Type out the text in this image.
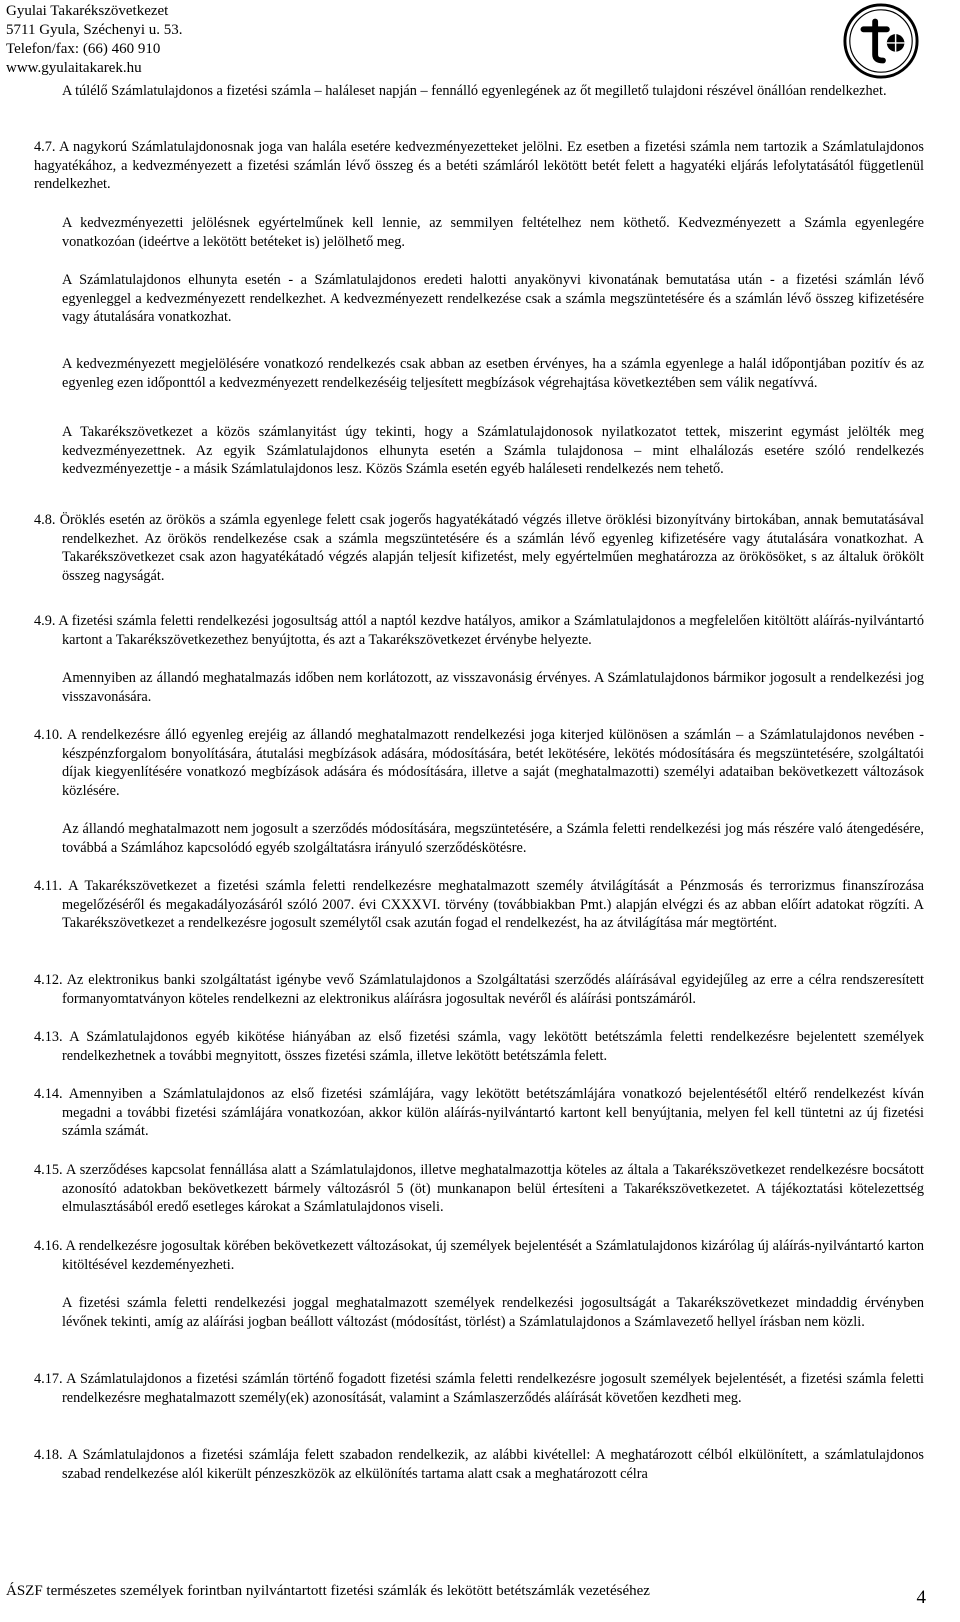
Gyulai Takarékszövetkezet
5711 Gyula, Széchenyi u. 53.
Telefon/fax: (66) 460 910
www.gyulaitakarek.hu
A túlélő Számlatulajdonos a fizetési számla – haláleset napján – fennálló egyenlegének az őt megillető tulajdoni részével önállóan rendelkezhet.
4.7. A nagykorú Számlatulajdonosnak joga van halála esetére kedvezményezetteket jelölni. Ez esetben a fizetési számla nem tartozik a Számlatulajdonos hagyatékához, a kedvezményezett a fizetési számlán lévő összeg és a betéti számláról lekötött betét felett a hagyatéki eljárás lefolytatásától függetlenül rendelkezhet.
A kedvezményezetti jelölésnek egyértelműnek kell lennie, az semmilyen feltételhez nem köthető. Kedvezményezett a Számla egyenlegére vonatkozóan (ideértve a lekötött betéteket is) jelölhető meg.
A Számlatulajdonos elhunyta esetén - a Számlatulajdonos eredeti halotti anyakönyvi kivonatának bemutatása után - a fizetési számlán lévő egyenleggel a kedvezményezett rendelkezhet. A kedvezményezett rendelkezése csak a számla megszüntetésére és a számlán lévő összeg kifizetésére vagy átutalására vonatkozhat.
A kedvezményezett megjelölésére vonatkozó rendelkezés csak abban az esetben érvényes, ha a számla egyenlege a halál időpontjában pozitív és az egyenleg ezen időponttól a kedvezményezett rendelkezéséig teljesített megbízások végrehajtása következtében sem válik negatívvá.
A Takarékszövetkezet a közös számlanyitást úgy tekinti, hogy a Számlatulajdonosok nyilatkozatot tettek, miszerint egymást jelölték meg kedvezményezettnek. Az egyik Számlatulajdonos elhunyta esetén a Számla tulajdonosa – mint elhalálozás esetére szóló rendelkezés kedvezményezettje - a másik Számlatulajdonos lesz. Közös Számla esetén egyéb haláleseti rendelkezés nem tehető.
4.8. Öröklés esetén az örökös a számla egyenlege felett csak jogerős hagyatékátadó végzés illetve öröklési bizonyítvány birtokában, annak bemutatásával rendelkezhet. Az örökös rendelkezése csak a számla megszüntetésére és a számlán lévő egyenleg kifizetésére vagy átutalására vonatkozhat. A Takarékszövetkezet csak azon hagyatékátadó végzés alapján teljesít kifizetést, mely egyértelműen meghatározza az örökösöket, s az általuk örökölt összeg nagyságát.
4.9. A fizetési számla feletti rendelkezési jogosultság attól a naptól kezdve hatályos, amikor a Számlatulajdonos a megfelelően kitöltött aláírás-nyilvántartó kartont a Takarékszövetkezethez benyújtotta, és azt a Takarékszövetkezet érvénybe helyezte.
Amennyiben az állandó meghatalmazás időben nem korlátozott, az visszavonásig érvényes. A Számlatulajdonos bármikor jogosult a rendelkezési jog visszavonására.
4.10. A rendelkezésre álló egyenleg erejéig az állandó meghatalmazott rendelkezési joga kiterjed különösen a számlán – a Számlatulajdonos nevében - készpénzforgalom bonyolítására, átutalási megbízások adására, módosítására, betét lekötésére, lekötés módosítására és megszüntetésére, szolgáltatói díjak kiegyenlítésére vonatkozó megbízások adására és módosítására, illetve a saját (meghatalmazotti) személyi adataiban bekövetkezett változások közlésére.
Az állandó meghatalmazott nem jogosult a szerződés módosítására, megszüntetésére, a Számla feletti rendelkezési jog más részére való átengedésére, továbbá a Számlához kapcsolódó egyéb szolgáltatásra irányuló szerződéskötésre.
4.11. A Takarékszövetkezet a fizetési számla feletti rendelkezésre meghatalmazott személy átvilágítását a Pénzmosás és terrorizmus finanszírozása megelőzéséről és megakadályozásáról szóló 2007. évi CXXXVI. törvény (továbbiakban Pmt.) alapján elvégzi és az abban előírt adatokat rögzíti. A Takarékszövetkezet a rendelkezésre jogosult személytől csak azután fogad el rendelkezést, ha az átvilágítása már megtörtént.
4.12. Az elektronikus banki szolgáltatást igénybe vevő Számlatulajdonos a Szolgáltatási szerződés aláírásával egyidejűleg az erre a célra rendszeresített formanyomtatványon köteles rendelkezni az elektronikus aláírásra jogosultak nevéről és aláírási pontszámáról.
4.13. A Számlatulajdonos egyéb kikötése hiányában az első fizetési számla, vagy lekötött betétszámla feletti rendelkezésre bejelentett személyek rendelkezhetnek a további megnyitott, összes fizetési számla, illetve lekötött betétszámla felett.
4.14. Amennyiben a Számlatulajdonos az első fizetési számlájára, vagy lekötött betétszámlájára vonatkozó bejelentésétől eltérő rendelkezést kíván megadni a további fizetési számlájára vonatkozóan, akkor külön aláírás-nyilvántartó kartont kell benyújtania, melyen fel kell tüntetni az új fizetési számla számát.
4.15. A szerződéses kapcsolat fennállása alatt a Számlatulajdonos, illetve meghatalmazottja köteles az általa a Takarékszövetkezet rendelkezésre bocsátott azonosító adatokban bekövetkezett bármely változásról 5 (öt) munkanapon belül értesíteni a Takarékszövetkezetet. A tájékoztatási kötelezettség elmulasztásából eredő esetleges károkat a Számlatulajdonos viseli.
4.16. A rendelkezésre jogosultak körében bekövetkezett változásokat, új személyek bejelentését a Számlatulajdonos kizárólag új aláírás-nyilvántartó karton kitöltésével kezdeményezheti.
A fizetési számla feletti rendelkezési joggal meghatalmazott személyek rendelkezési jogosultságát a Takarékszövetkezet mindaddig érvényben lévőnek tekinti, amíg az aláírási jogban beállott változást (módosítást, törlést) a Számlatulajdonos a Számlavezető hellyel írásban nem közli.
4.17. A Számlatulajdonos a fizetési számlán történő fogadott fizetési számla feletti rendelkezésre jogosult személyek bejelentését, a fizetési számla feletti rendelkezésre meghatalmazott személy(ek) azonosítását, valamint a Számlaszerződés aláírását követően kezdheti meg.
4.18. A Számlatulajdonos a fizetési számlája felett szabadon rendelkezik, az alábbi kivétellel: A meghatározott célból elkülönített, a számlatulajdonos szabad rendelkezése alól kikerült pénzeszközök az elkülönítés tartama alatt csak a meghatározott célra
ÁSZF természetes személyek forintban nyilvántartott fizetési számlák és lekötött betétszámlák vezetéséhez	4
